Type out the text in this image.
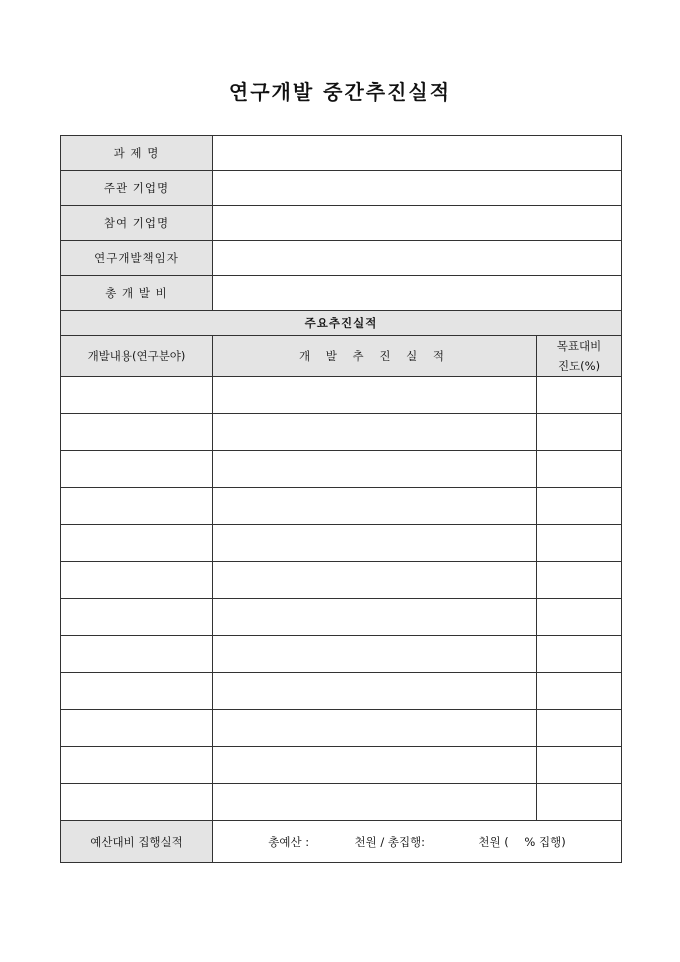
연구개발 중간추진실적
과 제 명		
주관 기업명		
참여 기업명		
연구개발책임자		
총 개 발 비		
주요추진실적		
개발내용(연구분야)	개 발 추 진 실 적	목표대비
진도(%)

예산대비 집행실적	총예산 : 천원 / 총집행: 천원 ( % 집행)	
